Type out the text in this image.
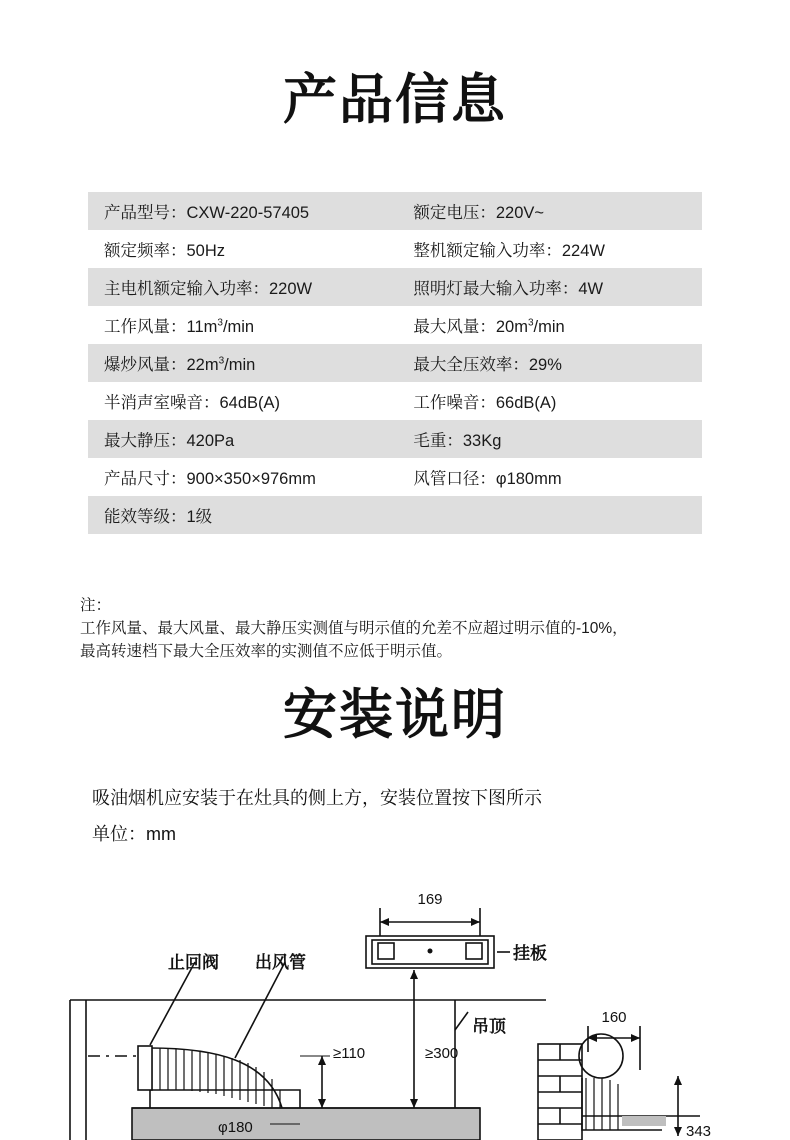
产品信息
产品型号：CXW-220-57405	额定电压：220V~
额定频率：50Hz	整机额定输入功率：224W
主电机额定输入功率：220W	照明灯最大输入功率：4W
工作风量：$11m^3/\min$	最大风量：$20m^3/\min$
爆炒风量：$22m^3/\min$	最大全压效率：29%
半消声室噪音：64dB(A)	工作噪音：66dB(A)
最大静压：420Pa	毛重：33Kg
产品尺寸：900×350×976mm	风管口径：φ180mm
能效等级：1级	
注：
工作风量、最大风量、最大静压实测值与明示值的允差不应超过明示值的-10%，
最高转速档下最大全压效率的实测值不应低于明示值。
安装说明
吸油烟机应安装于在灶具的侧上方，安装位置按下图所示
单位：mm
169
止回阀 出风管	挂板
吊顶
≥110	≥300
φ180
160
343
